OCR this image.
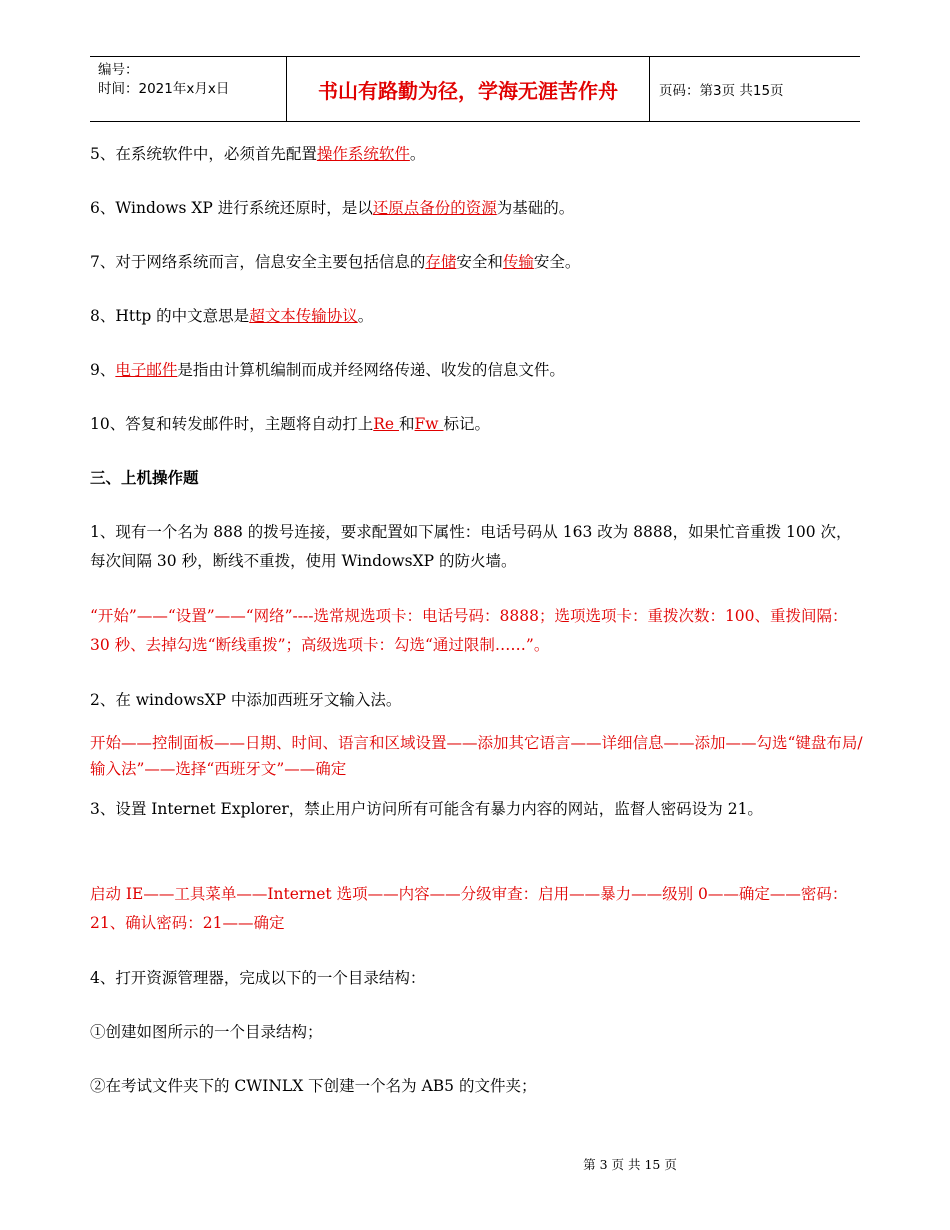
编号：
时间：2021年x月x日	书山有路勤为径，学海无涯苦作舟	页码：第3页 共15页

5、在系统软件中，必须首先配置操作系统软件。

6、Windows XP 进行系统还原时，是以还原点备份的资源为基础的。

7、对于网络系统而言，信息安全主要包括信息的存储安全和传输安全。

8、Http 的中文意思是超文本传输协议。

9、电子邮件是指由计算机编制而成并经网络传递、收发的信息文件。

10、答复和转发邮件时，主题将自动打上Re 和Fw 标记。

三、上机操作题

1、现有一个名为 888 的拨号连接，要求配置如下属性：电话号码从 163 改为 8888，如果忙音重拨 100 次，每次间隔 30 秒，断线不重拨，使用 WindowsXP 的防火墙。

“开始”——“设置”——“网络”----选常规选项卡：电话号码：8888；选项选项卡：重拨次数：100、重拨间隔：30 秒、去掉勾选“断线重拨”；高级选项卡：勾选“通过限制……”。

2、在 windowsXP 中添加西班牙文输入法。

开始——控制面板——日期、时间、语言和区域设置——添加其它语言——详细信息——添加——勾选“键盘布局/输入法”——选择“西班牙文”——确定

3、设置 Internet Explorer，禁止用户访问所有可能含有暴力内容的网站，监督人密码设为 21。

启动 IE——工具菜单——Internet 选项——内容——分级审查：启用——暴力——级别 0——确定——密码：21、确认密码：21——确定

4、打开资源管理器，完成以下的一个目录结构：

①创建如图所示的一个目录结构；

②在考试文件夹下的 CWINLX 下创建一个名为 AB5 的文件夹；

第 3 页 共 15 页
